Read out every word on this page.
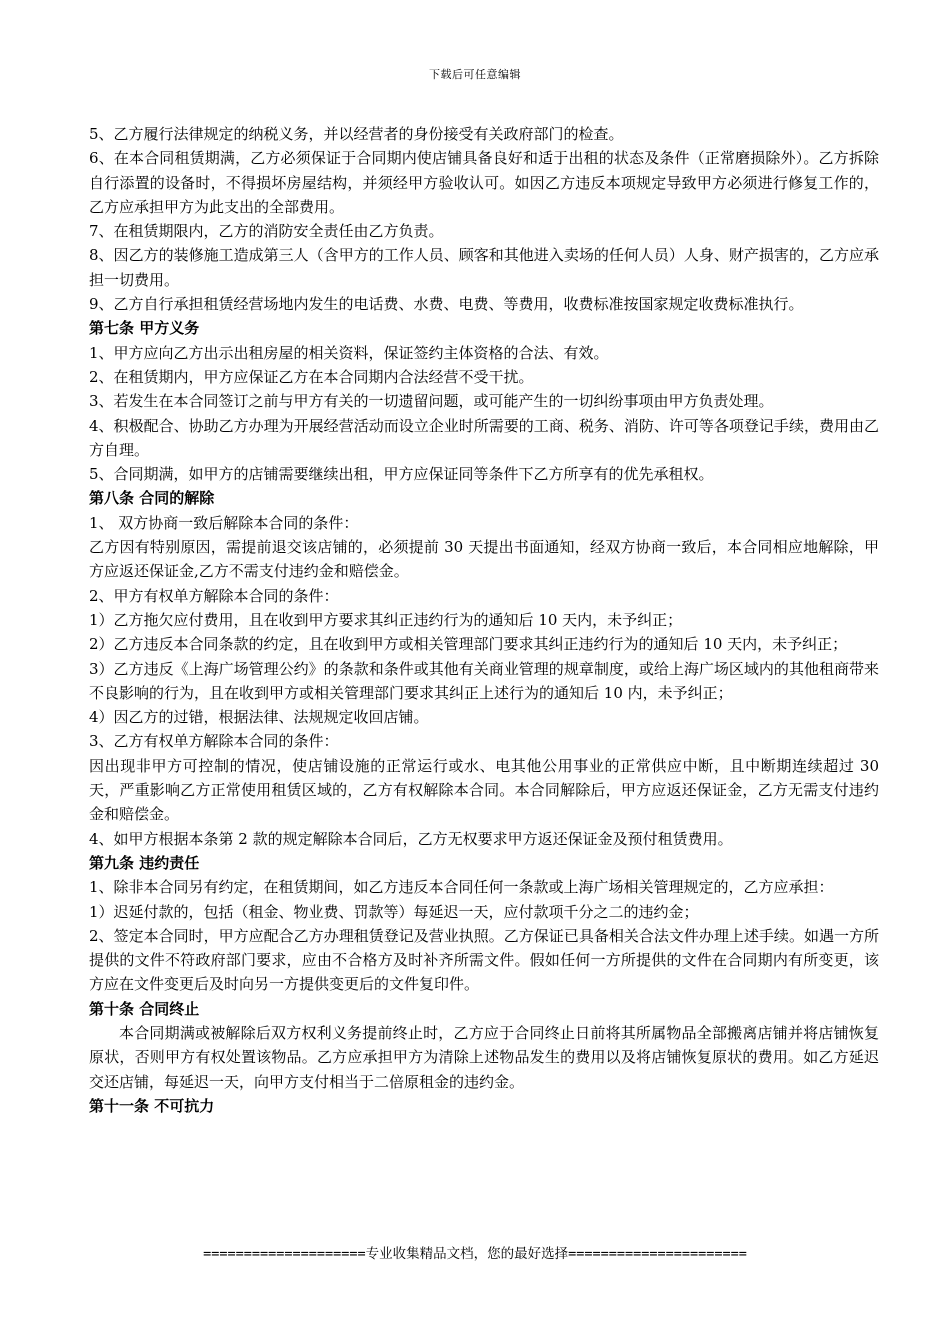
下载后可任意编辑

5、乙方履行法律规定的纳税义务，并以经营者的身份接受有关政府部门的检查。

6、在本合同租赁期满，乙方必须保证于合同期内使店铺具备良好和适于出租的状态及条件（正常磨损除外）。乙方拆除自行添置的设备时，不得损坏房屋结构，并须经甲方验收认可。如因乙方违反本项规定导致甲方必须进行修复工作的，乙方应承担甲方为此支出的全部费用。

7、在租赁期限内，乙方的消防安全责任由乙方负责。

8、因乙方的装修施工造成第三人（含甲方的工作人员、顾客和其他进入卖场的任何人员）人身、财产损害的，乙方应承担一切费用。

9、乙方自行承担租赁经营场地内发生的电话费、水费、电费、等费用，收费标准按国家规定收费标准执行。

第七条 甲方义务

1、甲方应向乙方出示出租房屋的相关资料，保证签约主体资格的合法、有效。

2、在租赁期内，甲方应保证乙方在本合同期内合法经营不受干扰。

3、若发生在本合同签订之前与甲方有关的一切遗留问题，或可能产生的一切纠纷事项由甲方负责处理。

4、积极配合、协助乙方办理为开展经营活动而设立企业时所需要的工商、税务、消防、许可等各项登记手续，费用由乙方自理。

5、合同期满，如甲方的店铺需要继续出租，甲方应保证同等条件下乙方所享有的优先承租权。

第八条 合同的解除

1、 双方协商一致后解除本合同的条件：

乙方因有特别原因，需提前退交该店铺的，必须提前 30 天提出书面通知，经双方协商一致后，本合同相应地解除，甲方应返还保证金,乙方不需支付违约金和赔偿金。

2、甲方有权单方解除本合同的条件：

1）乙方拖欠应付费用，且在收到甲方要求其纠正违约行为的通知后 10 天内，未予纠正；

2）乙方违反本合同条款的约定，且在收到甲方或相关管理部门要求其纠正违约行为的通知后 10 天内，未予纠正；

3）乙方违反《上海广场管理公约》的条款和条件或其他有关商业管理的规章制度，或给上海广场区域内的其他租商带来不良影响的行为，且在收到甲方或相关管理部门要求其纠正上述行为的通知后 10 内，未予纠正；

4）因乙方的过错，根据法律、法规规定收回店铺。

3、乙方有权单方解除本合同的条件：

因出现非甲方可控制的情况，使店铺设施的正常运行或水、电其他公用事业的正常供应中断，且中断期连续超过 30 天，严重影响乙方正常使用租赁区域的，乙方有权解除本合同。本合同解除后，甲方应返还保证金，乙方无需支付违约金和赔偿金。

4、如甲方根据本条第 2 款的规定解除本合同后，乙方无权要求甲方返还保证金及预付租赁费用。

第九条 违约责任

1、除非本合同另有约定，在租赁期间，如乙方违反本合同任何一条款或上海广场相关管理规定的，乙方应承担：

1）迟延付款的，包括（租金、物业费、罚款等）每延迟一天，应付款项千分之二的违约金；

2、签定本合同时，甲方应配合乙方办理租赁登记及营业执照。乙方保证已具备相关合法文件办理上述手续。如遇一方所提供的文件不符政府部门要求，应由不合格方及时补齐所需文件。假如任何一方所提供的文件在合同期内有所变更，该方应在文件变更后及时向另一方提供变更后的文件复印件。

第十条 合同终止

本合同期满或被解除后双方权利义务提前终止时，乙方应于合同终止日前将其所属物品全部搬离店铺并将店铺恢复原状，否则甲方有权处置该物品。乙方应承担甲方为清除上述物品发生的费用以及将店铺恢复原状的费用。如乙方延迟交还店铺，每延迟一天，向甲方支付相当于二倍原租金的违约金。

第十一条 不可抗力

====================专业收集精品文档，您的最好选择======================
